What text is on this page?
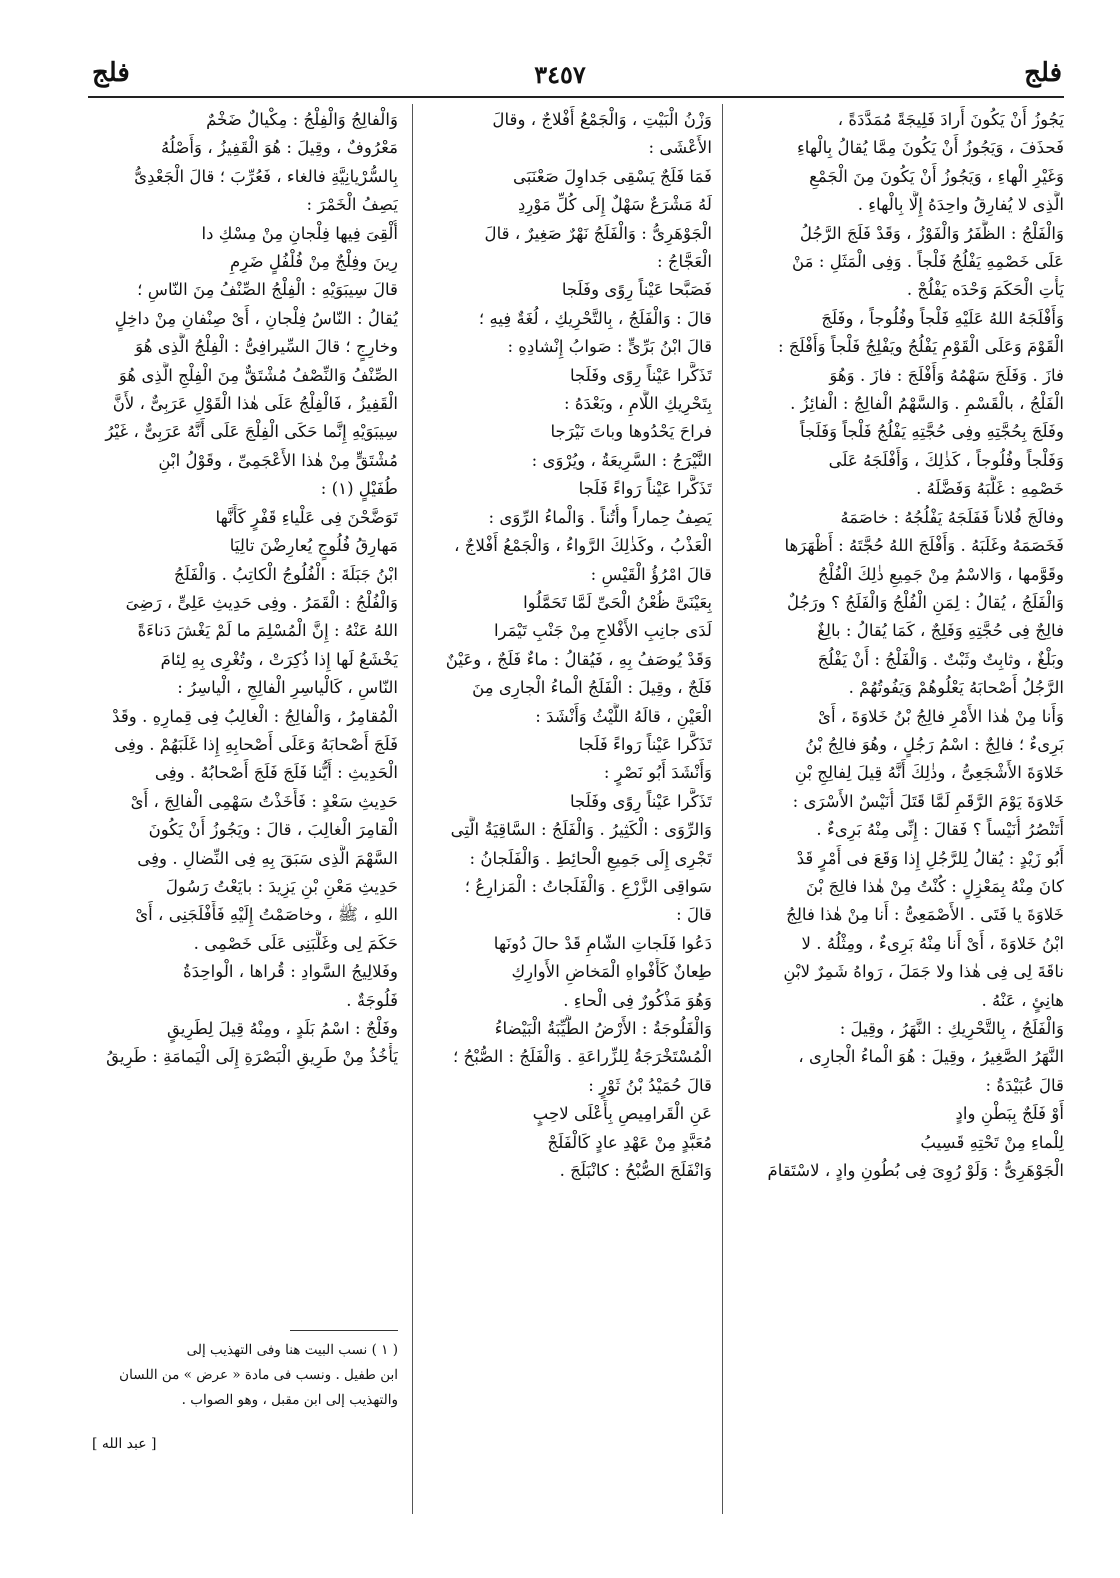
فلج
٣٤٥٧
فلج
يَجُوزُ أَنْ يَكُونَ أَرادَ فَلِيجَةً مُمَدَّدَةً ،
فَحذَفَ ، وَيَجُوزُ أَنْ يَكُونَ مِمَّا يُقالُ بِالْهاءِ
وَغَيْرِ الْهاءِ ، وَيَجُوزُ أَنْ يَكُونَ مِنَ الْجَمْعِ
الَّذِى لا يُفارِقُ واحِدَهُ إِلَّا بِالْهاءِ .
وَالْفَلْجُ : الظَّفَرُ وَالْفَوْزُ ، وَقَدْ فَلَجَ الرَّجُلُ
عَلَى خَصْمِهِ يَفْلُجُ فَلْجاً . وَفِى الْمَثَلِ : مَنْ
يَأْتِ الْحَكَمَ وَحْدَه يَفْلُجْ .
وَأَفْلَجَهُ اللهُ عَلَيْهِ فَلْجاً وفُلُوجاً ، وفَلَجَ
الْقَوْمَ وَعَلَى الْقَوْمِ يَفْلُجُ ويَفْلِجُ فَلْجاً وَأَفْلَجَ :
فازَ . وَفَلَجَ سَهْمُهُ وَأَفْلَجَ : فازَ . وَهُوَ
الْفَلْجُ ، بالْقَسْمِ . وَالسَّهْمُ الْفالِجُ : الْفائِزُ .
وفَلَجَ بِحُجَّتِهِ وفِى حُجَّتِهِ يَفْلُجُ فَلْجاً وَفَلَجاً
وَفَلْجاً وفُلُوجاً ، كَذٰلِكَ ، وَأَفْلَجَهُ عَلَى
خَصْمِهِ : غَلَّبَهُ وَفَضَّلَهُ .
وفالَجَ فُلاناً فَفَلَجَهُ يَفْلُجُهُ : خاصَمَهُ
فَخَصَمَهُ وغَلَبَهُ . وَأَفْلَجَ اللهُ حُجَّتَهُ : أَظْهَرَها
وقَوَّمها ، وَالاسْمُ مِنْ جَمِيعِ ذٰلِكَ الْفُلْجُ
وَالْفَلَجُ ، يُقالُ : لِمَنِ الْفُلْجُ وَالْفَلَجُ ؟ ورَجُلٌ
فالِجٌ فِى حُجَّتِهِ وَفَلِجٌ ، كَمَا يُقالُ : بالِغٌ
وبَلْغٌ ، وثابِتٌ وثَبْتٌ . وَالْفَلْجُ : أَنْ يَفْلُجَ
الرَّجُلُ أَصْحابَهُ يَعْلُوهُمْ وَيَفُوتُهُمْ .
وَأَنا مِنْ هٰذا الأَمْرِ فالِجُ بْنُ خَلاوَةَ ، أَىْ
بَرِىءٌ ؛ فالِجٌ : اسْمُ رَجُلٍ ، وهُوَ فالِجُ بْنُ
خَلاوَةَ الأَشْجَعِىُّ ، وذٰلِكَ أَنَّهُ قِيلَ لِفالِجِ بْنِ
خَلاوَةَ يَوْمَ الرَّقَمِ لَمَّا قَتَلَ أُنَيْسٌ الأَسْرَى :
أَتَنْصُرُ أُنَيْساً ؟ فَقالَ : إِنِّى مِنْهُ بَرِىءٌ .
أَبُو زَيْدٍ : يُقالُ لِلرَّجُلِ إِذا وَقَعَ فى أَمْرٍ قَدْ
كانَ مِنْهُ بِمَعْزِلٍ : كُنْتُ مِنْ هٰذا فالِجَ بْنَ
خَلاوَةَ يا فَتَى . الأَصْمَعِىُّ : أَنا مِنْ هٰذا فالِجُ
ابْنُ خَلاوَةَ ، أَىْ أَنا مِنْهُ بَرِىءٌ ، ومِثْلُهُ . لا
ناقَةَ لِى فِى هٰذا ولا جَمَلَ ، رَواهُ شَمِرٌ لابْنِ
هانِئٍ ، عَنْهُ .
وَالْفَلَجُ ، بِالتَّحْرِيكِ : النَّهَرُ ، وقِيلَ :
النَّهَرُ الصَّغِيرُ ، وقِيلَ : هُوَ الْماءُ الْجارِى ،
قالَ عُبَيْدَةُ :
أَوْ فَلَجٌ بِبَطْنِ وادٍ
لِلْماءِ مِنْ تَحْتِهِ قَسِيبُ
الْجَوْهَرِىُّ : وَلَوْ رُوِىَ فِى بُطُونِ وادٍ ، لاسْتَقامَ
وَزْنُ الْبَيْتِ ، وَالْجَمْعُ أَفْلاجٌ ، وقالَ
الأَعْشَى :
فَمَا فَلَجٌ يَسْقِى جَداوِلَ صَعْنَبَى
لَهُ مَشْرَعٌ سَهْلٌ إِلَى كُلِّ مَوْرِدِ
الْجَوْهَرِىُّ : وَالْفَلَجُ نَهْرٌ صَغِيرٌ ، قالَ
الْعَجَّاجُ :
فَصَبَّحا عَيْناً رِوًى وفَلَجا
قالَ : وَالْفَلَجُ ، بِالتَّحْرِيكِ ، لُغَةٌ فِيهِ ؛
قالَ ابْنُ بَرِّىٍّ : صَوابُ إِنْشادِهِ :
تَذَكَّرا عَيْناً رِوًى وفَلَجا
بِتَحْرِيكِ اللَّامِ ، وبَعْدَهُ :
فراحَ يَحْدُوها وباتَ نَيْرَجا
النَّيْرَجُ : السَّرِيعَةُ ، ويُرْوَى :
تَذَكَّرا عَيْناً رَواءً فَلَجا
يَصِفُ حِماراً وأُتُناً . وَالْماءُ الرِّوَى :
الْعَذْبُ ، وكَذٰلِكَ الرَّواءُ ، وَالْجَمْعُ أَفْلاجٌ ،
قالَ امْرُؤُ الْقَيْسِ :
بِعَيْنَىَّ ظُعْنُ الْحَىِّ لَمَّا تَحَمَّلُوا
لَدَى جانِبِ الأَفْلاجِ مِنْ جَنْبِ تَيْمَرا
وَقَدْ يُوصَفُ بِهِ ، فَيُقالُ : ماءٌ فَلَجٌ ، وعَيْنٌ
فَلَجٌ ، وقِيلَ : الْفَلَجُ الْماءُ الْجارِى مِنَ
الْعَيْنِ ، قالَهُ اللَّيْثُ وَأَنْشَدَ :
تَذَكَّرا عَيْناً رَواءً فَلَجا
وَأَنْشَدَ أَبُو نَصْرٍ :
تَذَكَّرا عَيْناً رِوًى وفَلَجا
وَالرِّوَى : الْكَثِيرُ . وَالْفَلَجُ : السَّاقِيَةُ الَّتِى
تَجْرِى إِلَى جَمِيعِ الْحائِطِ . وَالْفَلَجانُ :
سَواقِى الزَّرْعِ . وَالْفَلَجاتُ : الْمَزارِعُ ؛
قالَ :
دَعُوا فَلَجاتِ الشّامِ قَدْ حالَ دُونَها
طِعانٌ كَأَفْواهِ الْمَخاضِ الأَوارِكِ
وَهُوَ مَذْكُورٌ فِى الْحاءِ .
وَالْفَلُوجَةُ : الأَرْضُ الطَّيِّبَةُ الْبَيْضاءُ
الْمُسْتَخْرَجَةُ لِلزِّراعَةِ . وَالْفَلَجُ : الصُّبْحُ ؛
قالَ حُمَيْدُ بْنُ ثَوْرٍ :
عَنِ الْقَرامِيصِ بِأَعْلَى لاحِبٍ
مُعَبَّدٍ مِنْ عَهْدِ عادٍ كَالْفَلَجْ
وَانْفَلَجَ الصُّبْحُ : كانْبَلَجَ .
وَالْفالِجُ وَالْفِلْجُ : مِكْيالٌ ضَخْمٌ
مَعْرُوفٌ ، وقِيلَ : هُوَ الْقَفِيزُ ، وَأَصْلُهُ
بِالسُّرْيانِيَّةِ فالغاء ، فَعُرِّبَ ؛ قالَ الْجَعْدِىُّ
يَصِفُ الْخَمْرَ :
أُلْقِىَ فِيها فِلْجانِ مِنْ مِسْكِ دا
رِينَ وفِلْجٌ مِنْ فُلْفُلٍ ضَرِمِ
قالَ سِيبَوَيْهِ : الْفِلْجُ الصِّنْفُ مِنَ النّاسِ ؛
يُقالُ : النّاسُ فِلْجانِ ، أَىْ صِنْفانِ مِنْ داخِلٍ
وخارِجٍ ؛ قالَ السِّيرافِىُّ : الْفِلْجُ الَّذِى هُوَ
الصِّنْفُ وَالنِّصْفُ مُشْتَقٌّ مِنَ الْفِلْجِ الَّذِى هُوَ
الْقَفِيزُ ، فَالْفِلْجُ عَلَى هٰذا الْقَوْلِ عَرَبِىٌّ ، لأَنَّ
سِيبَوَيْهِ إِنَّما حَكَى الْفِلْجَ عَلَى أَنَّهُ عَرَبِىٌّ ، غَيْرُ
مُشْتَقٍّ مِنْ هٰذا الأَعْجَمِىِّ ، وقَوْلُ ابْنِ
طُفَيْلٍ (١) :
تَوَضَّحْنَ فِى عَلْياءِ قَفْرٍ كَأَنَّها
مَهارِقُ فُلُوجٍ يُعارِضْنَ تالِيَا
ابْنُ جَبَلَةَ : الْفُلُوجُ الْكاتِبُ . وَالْفَلَجُ
وَالْفُلْجُ : الْقَمَرُ . وفِى حَدِيثِ عَلِىٍّ ، رَضِىَ
اللهُ عَنْهُ : إِنَّ الْمُسْلِمَ ما لَمْ يَغْشَ دَناءَةً
يَخْشَعُ لَها إِذا ذُكِرَتْ ، وتُغْرِى بِهِ لِئامَ
النّاسِ ، كَالْياسِرِ الْفالِجِ ، الْياسِرُ :
الْمُقامِرُ ، وَالْفالِجُ : الْغالِبُ فِى قِمارِهِ . وقَدْ
فَلَجَ أَصْحابَهُ وَعَلَى أَصْحابِهِ إِذا غَلَبَهُمْ . وفِى
الْحَدِيثِ : أَيُّنا فَلَجَ فَلَجَ أَصْحابُهُ . وفِى
حَدِيثِ سَعْدٍ : فَأَخَذْتُ سَهْمِى الْفالِجَ ، أَىْ
الْقامِرَ الْغالِبَ ، قالَ : ويَجُوزُ أَنْ يَكُونَ
السَّهْمَ الَّذِى سَبَقَ بِهِ فِى النِّضالِ . وفِى
حَدِيثِ مَعْنِ بْنِ يَزِيدَ : بايَعْتُ رَسُولَ
اللهِ ، ﷺ ، وخاصَمْتُ إِلَيْهِ فَأَفْلَجَنِى ، أَىْ
حَكَمَ لِى وغَلَّبَنِى عَلَى خَصْمِى .
وفَلالِيجُ السَّوادِ : قُراها ، الْواحِدَةُ
فَلُوجَةٌ .
وفَلْجٌ : اسْمُ بَلَدٍ ، ومِنْهُ قِيلَ لِطَرِيقٍ
يَأْخُذُ مِنْ طَرِيقِ الْبَصْرَةِ إِلَى الْيَمامَةِ : طَرِيقُ
( ١ ) نسب البيت هنا وفى التهذيب إلى
ابن طفيل . ونسب فى مادة « عرض » من اللسان
والتهذيب إلى ابن مقبل ، وهو الصواب .
[ عبد الله ]
